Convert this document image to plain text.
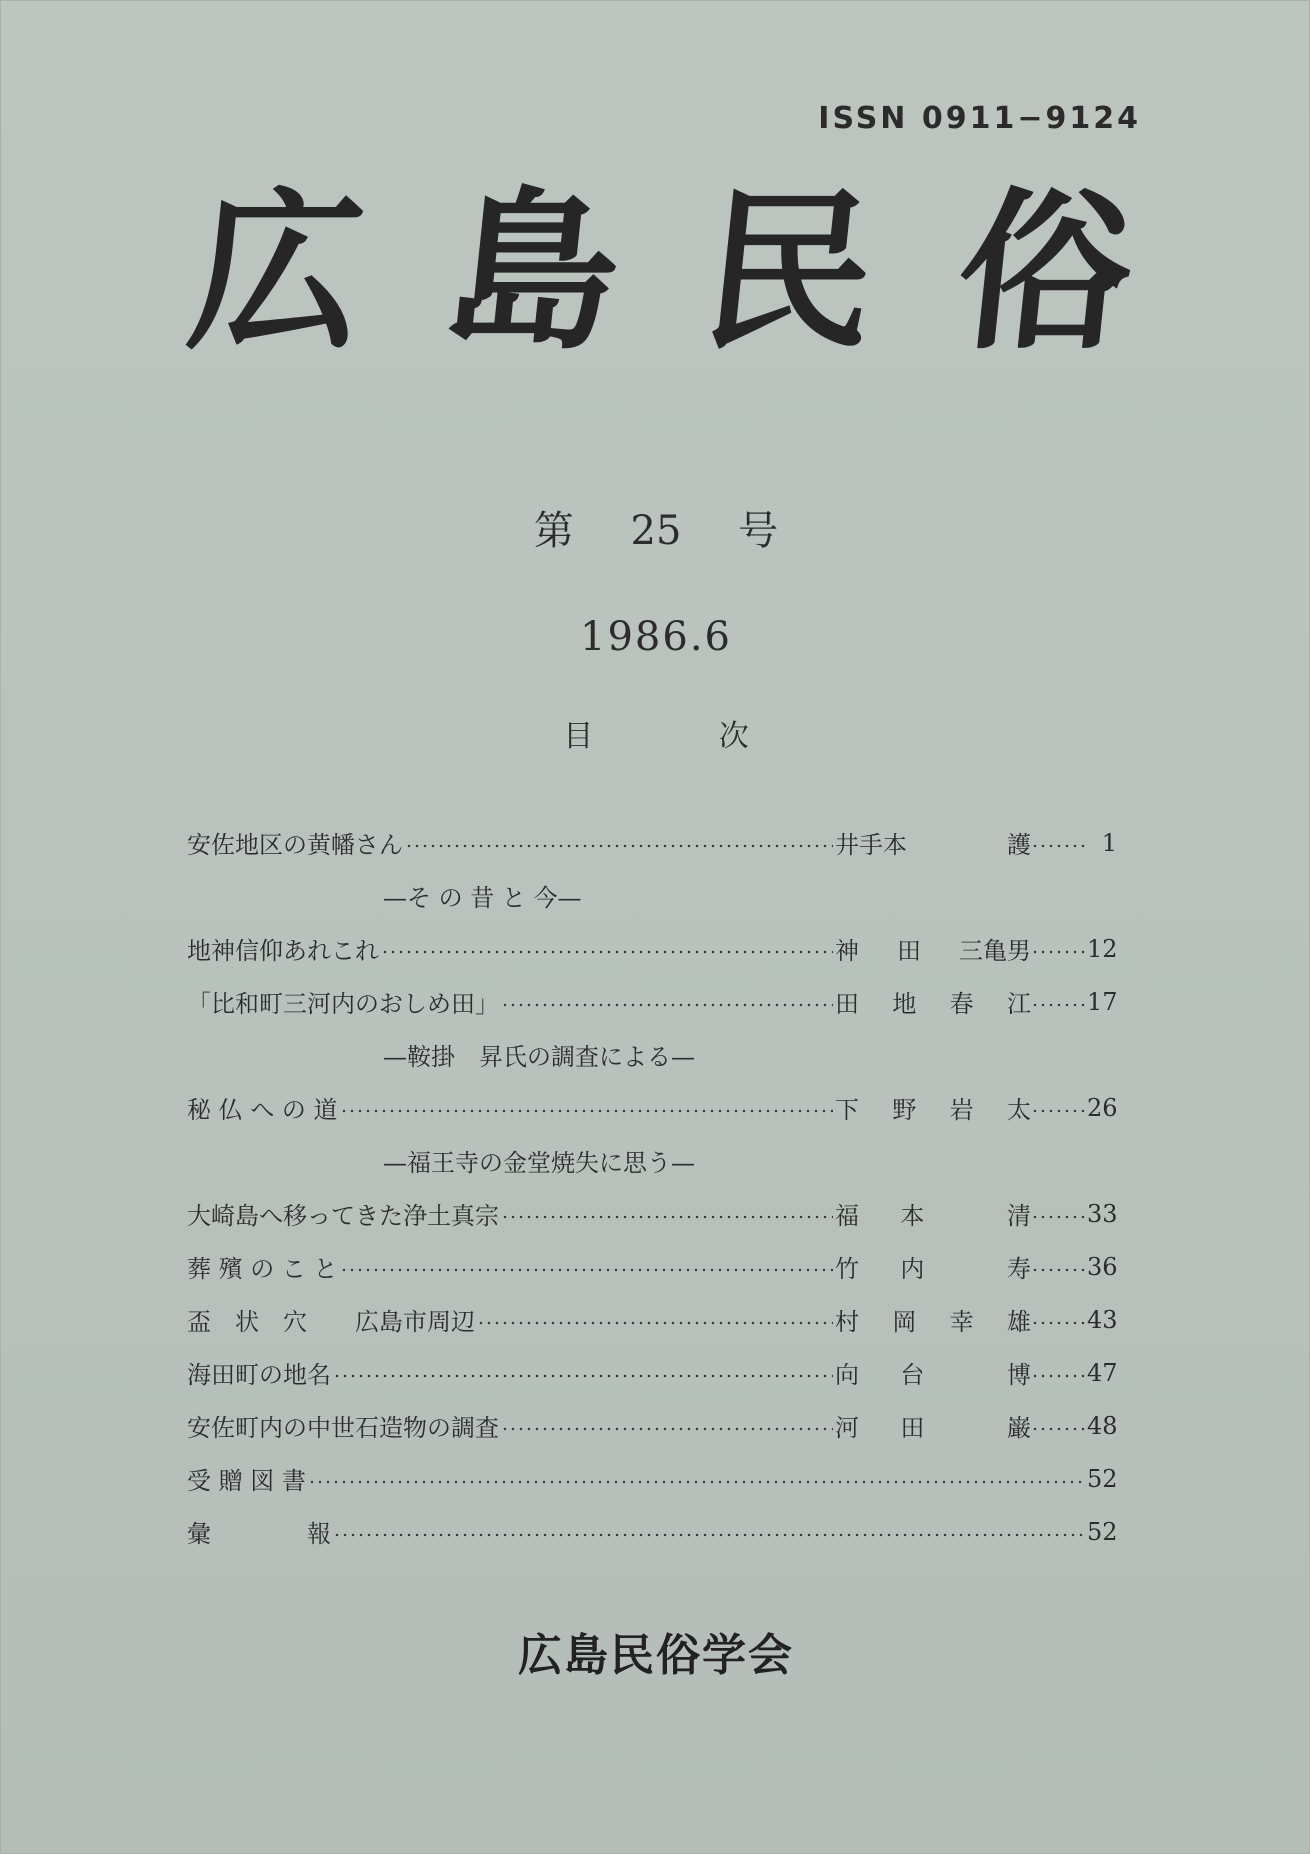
ISSN 0911−9124
広 島 民 俗
第 25 号
1986.6
目	次
安佐地区の黄幡さん	井手本	護	1
—そ の 昔 と 今—
地神信仰あれこれ	神 田 三亀男 12
「比和町三河内のおしめ田」	田 地 春 江 17
—鞍掛　昇氏の調査による—
秘 仏 へ の 道	下 野 岩 太 26
—福王寺の金堂焼失に思う—
大崎島へ移ってきた浄土真宗	福 本	清 33
葬 殯 の こ と	竹 内	寿 36
盃　状　穴　　広島市周辺	村 岡 幸 雄 43
海田町の地名	向 台	博 47
安佐町内の中世石造物の調査	河 田	巌 48
受 贈 図 書	52
彙　　　　報	52
広島民俗学会
